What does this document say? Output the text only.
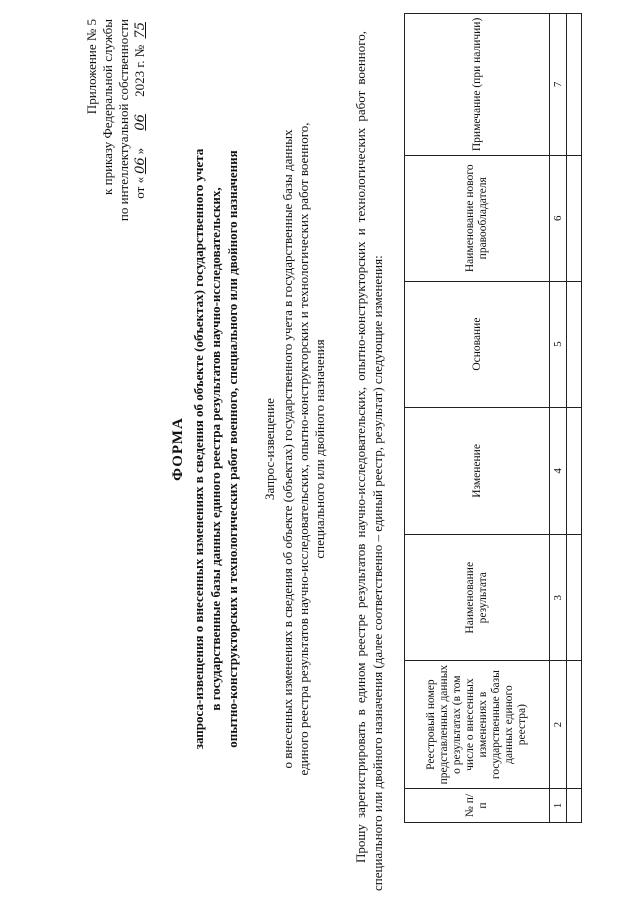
Приложение № 5 к приказу Федеральной службы по интеллектуальной собственности от «06» 06 2023 г. № 75
ФОРМА запроса-извещения о внесенных изменениях в сведения об объекте (объектах) государственного учета в государственные базы данных единого реестра результатов научно-исследовательских, опытно-конструкторских и технологических работ военного, специального или двойного назначения Запрос-извещение о внесенных изменениях в сведения об объекте (объектах) государственного учета в государственные базы данных единого реестра результатов научно-исследовательских, опытно-конструкторских и технологических работ военного, специального или двойного назначения Прошу зарегистрировать в едином реестре результатов научно-исследовательских, опытно-конструкторских и технологических работ военного, специального или двойного назначения (далее соответственно – единый реестр, результат) следующие изменения:	№ п/п	Реестровый номер представленных данных о результатах (в том числе о внесенных изменениях в государственные базы данных единого реестра)	Наименование результата	Изменение	Основание	Наименование нового правообладателя	Примечание (при наличии)
1	2	3	4	5	6	7
